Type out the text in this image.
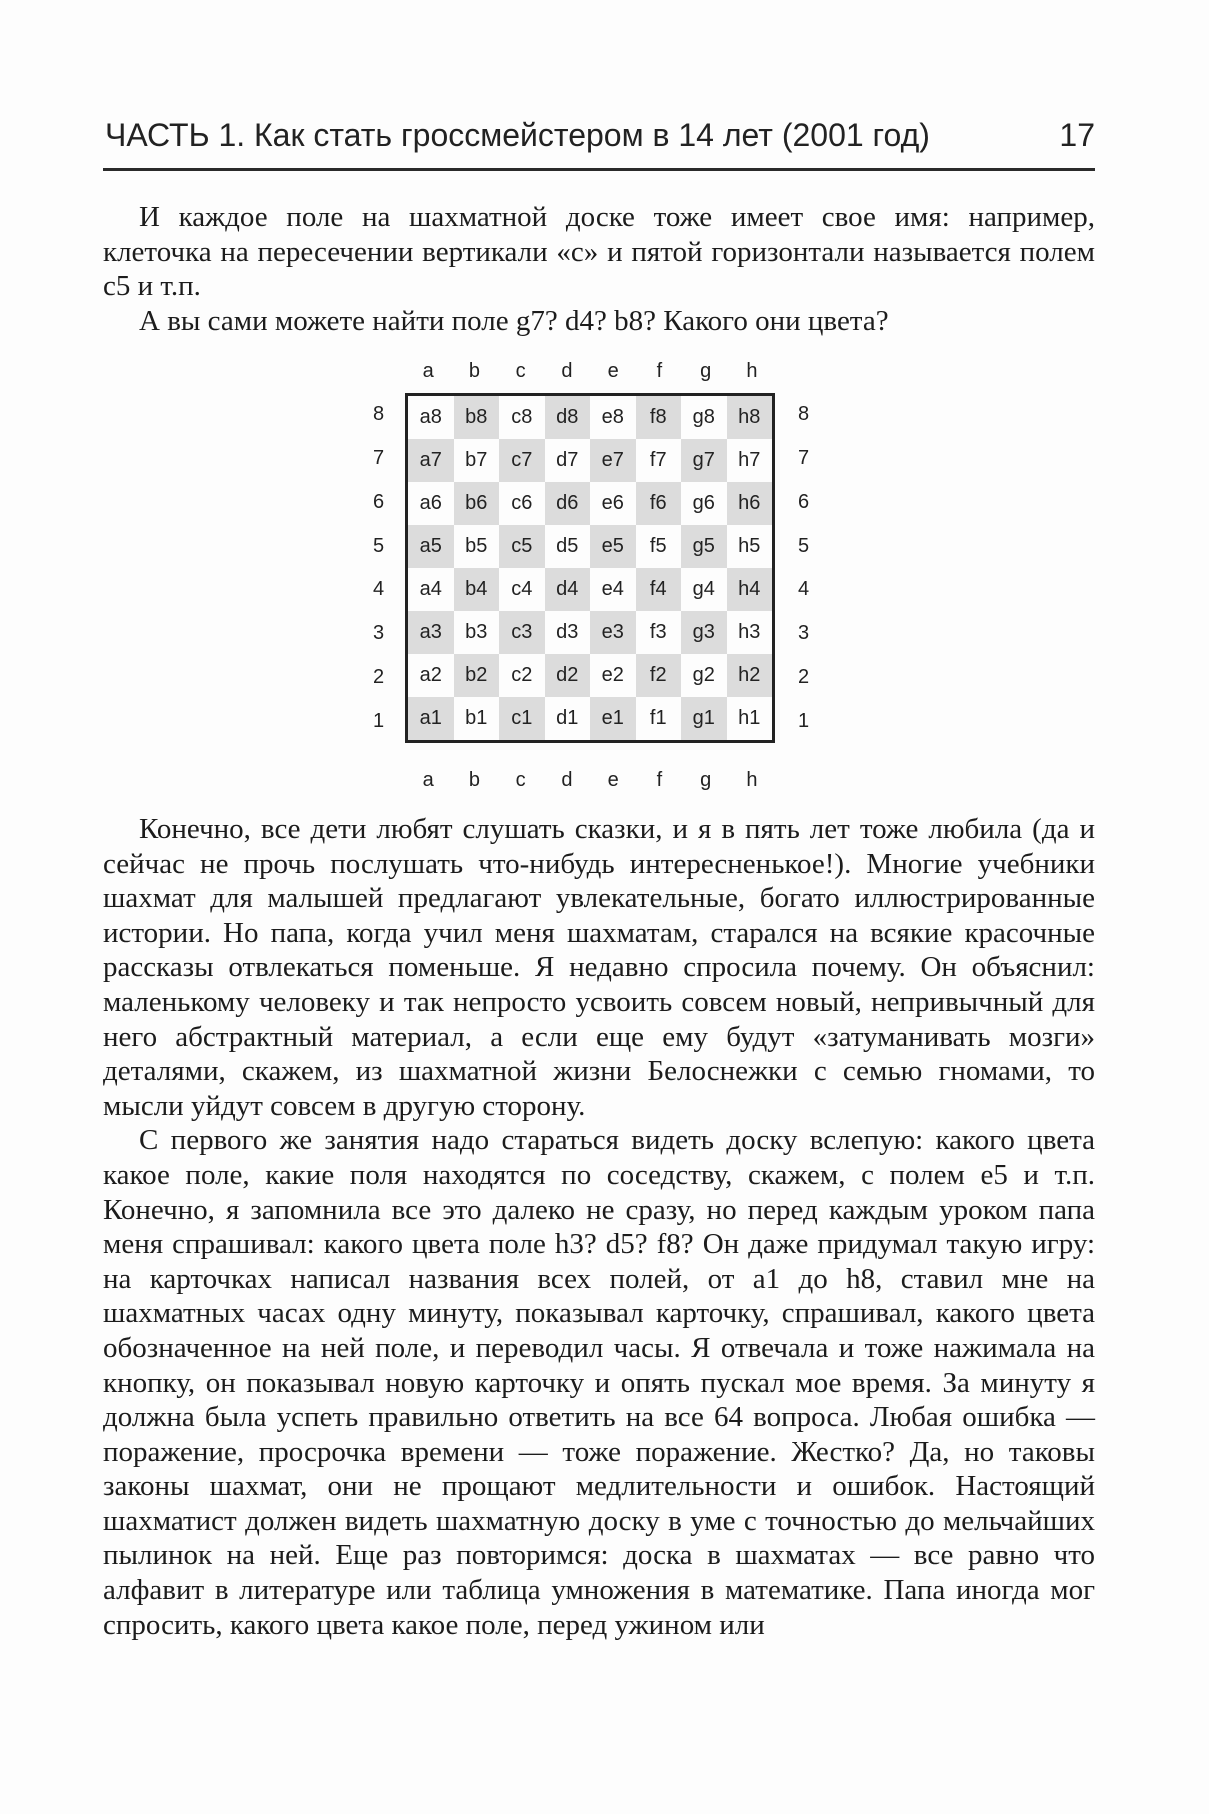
ЧАСТЬ 1. Как стать гроссмейстером в 14 лет (2001 год)	17

И каждое поле на шахматной доске тоже имеет свое имя: например, клеточка на пересечении вертикали «с» и пятой горизонтали называется полем с5 и т.п.

А вы сами можете найти поле g7? d4? b8? Какого они цвета?

a	b	c	d	e	f	g	h
8
7
6
5
4
3
2
1
a8	b8	c8	d8	e8	f8	g8	h8
a7	b7	c7	d7	e7	f7	g7	h7
a6	b6	c6	d6	e6	f6	g6	h6
a5	b5	c5	d5	e5	f5	g5	h5
a4	b4	c4	d4	e4	f4	g4	h4
a3	b3	c3	d3	e3	f3	g3	h3
a2	b2	c2	d2	e2	f2	g2	h2
a1	b1	c1	d1	e1	f1	g1	h1
8
7
6
5
4
3
2
1
a	b	c	d	e	f	g	h

Конечно, все дети любят слушать сказки, и я в пять лет тоже любила (да и сейчас не прочь послушать что-нибудь интересненькое!). Многие учебники шахмат для малышей предлагают увлекательные, богато иллюстрированные истории. Но папа, когда учил меня шахматам, старался на всякие красочные рассказы отвлекаться поменьше. Я недавно спросила почему. Он объяснил: маленькому человеку и так непросто усвоить совсем новый, непривычный для него абстрактный материал, а если еще ему будут «затуманивать мозги» деталями, скажем, из шахматной жизни Белоснежки с семью гномами, то мысли уйдут совсем в другую сторону.

С первого же занятия надо стараться видеть доску вслепую: какого цвета какое поле, какие поля находятся по соседству, скажем, с полем е5 и т.п. Конечно, я запомнила все это далеко не сразу, но перед каждым уроком папа меня спрашивал: какого цвета поле h3? d5? f8? Он даже придумал такую игру: на карточках написал названия всех полей, от а1 до h8, ставил мне на шахматных часах одну минуту, показывал карточку, спрашивал, какого цвета обозначенное на ней поле, и переводил часы. Я отвечала и тоже нажимала на кнопку, он показывал новую карточку и опять пускал мое время. За минуту я должна была успеть правильно ответить на все 64 вопроса. Любая ошибка — поражение, просрочка времени — тоже поражение. Жестко? Да, но таковы законы шахмат, они не прощают медлительности и ошибок. Настоящий шахматист должен видеть шахматную доску в уме с точностью до мельчайших пылинок на ней. Еще раз повторимся: доска в шахматах — все равно что алфавит в литературе или таблица умножения в математике. Папа иногда мог спросить, какого цвета какое поле, перед ужином или
